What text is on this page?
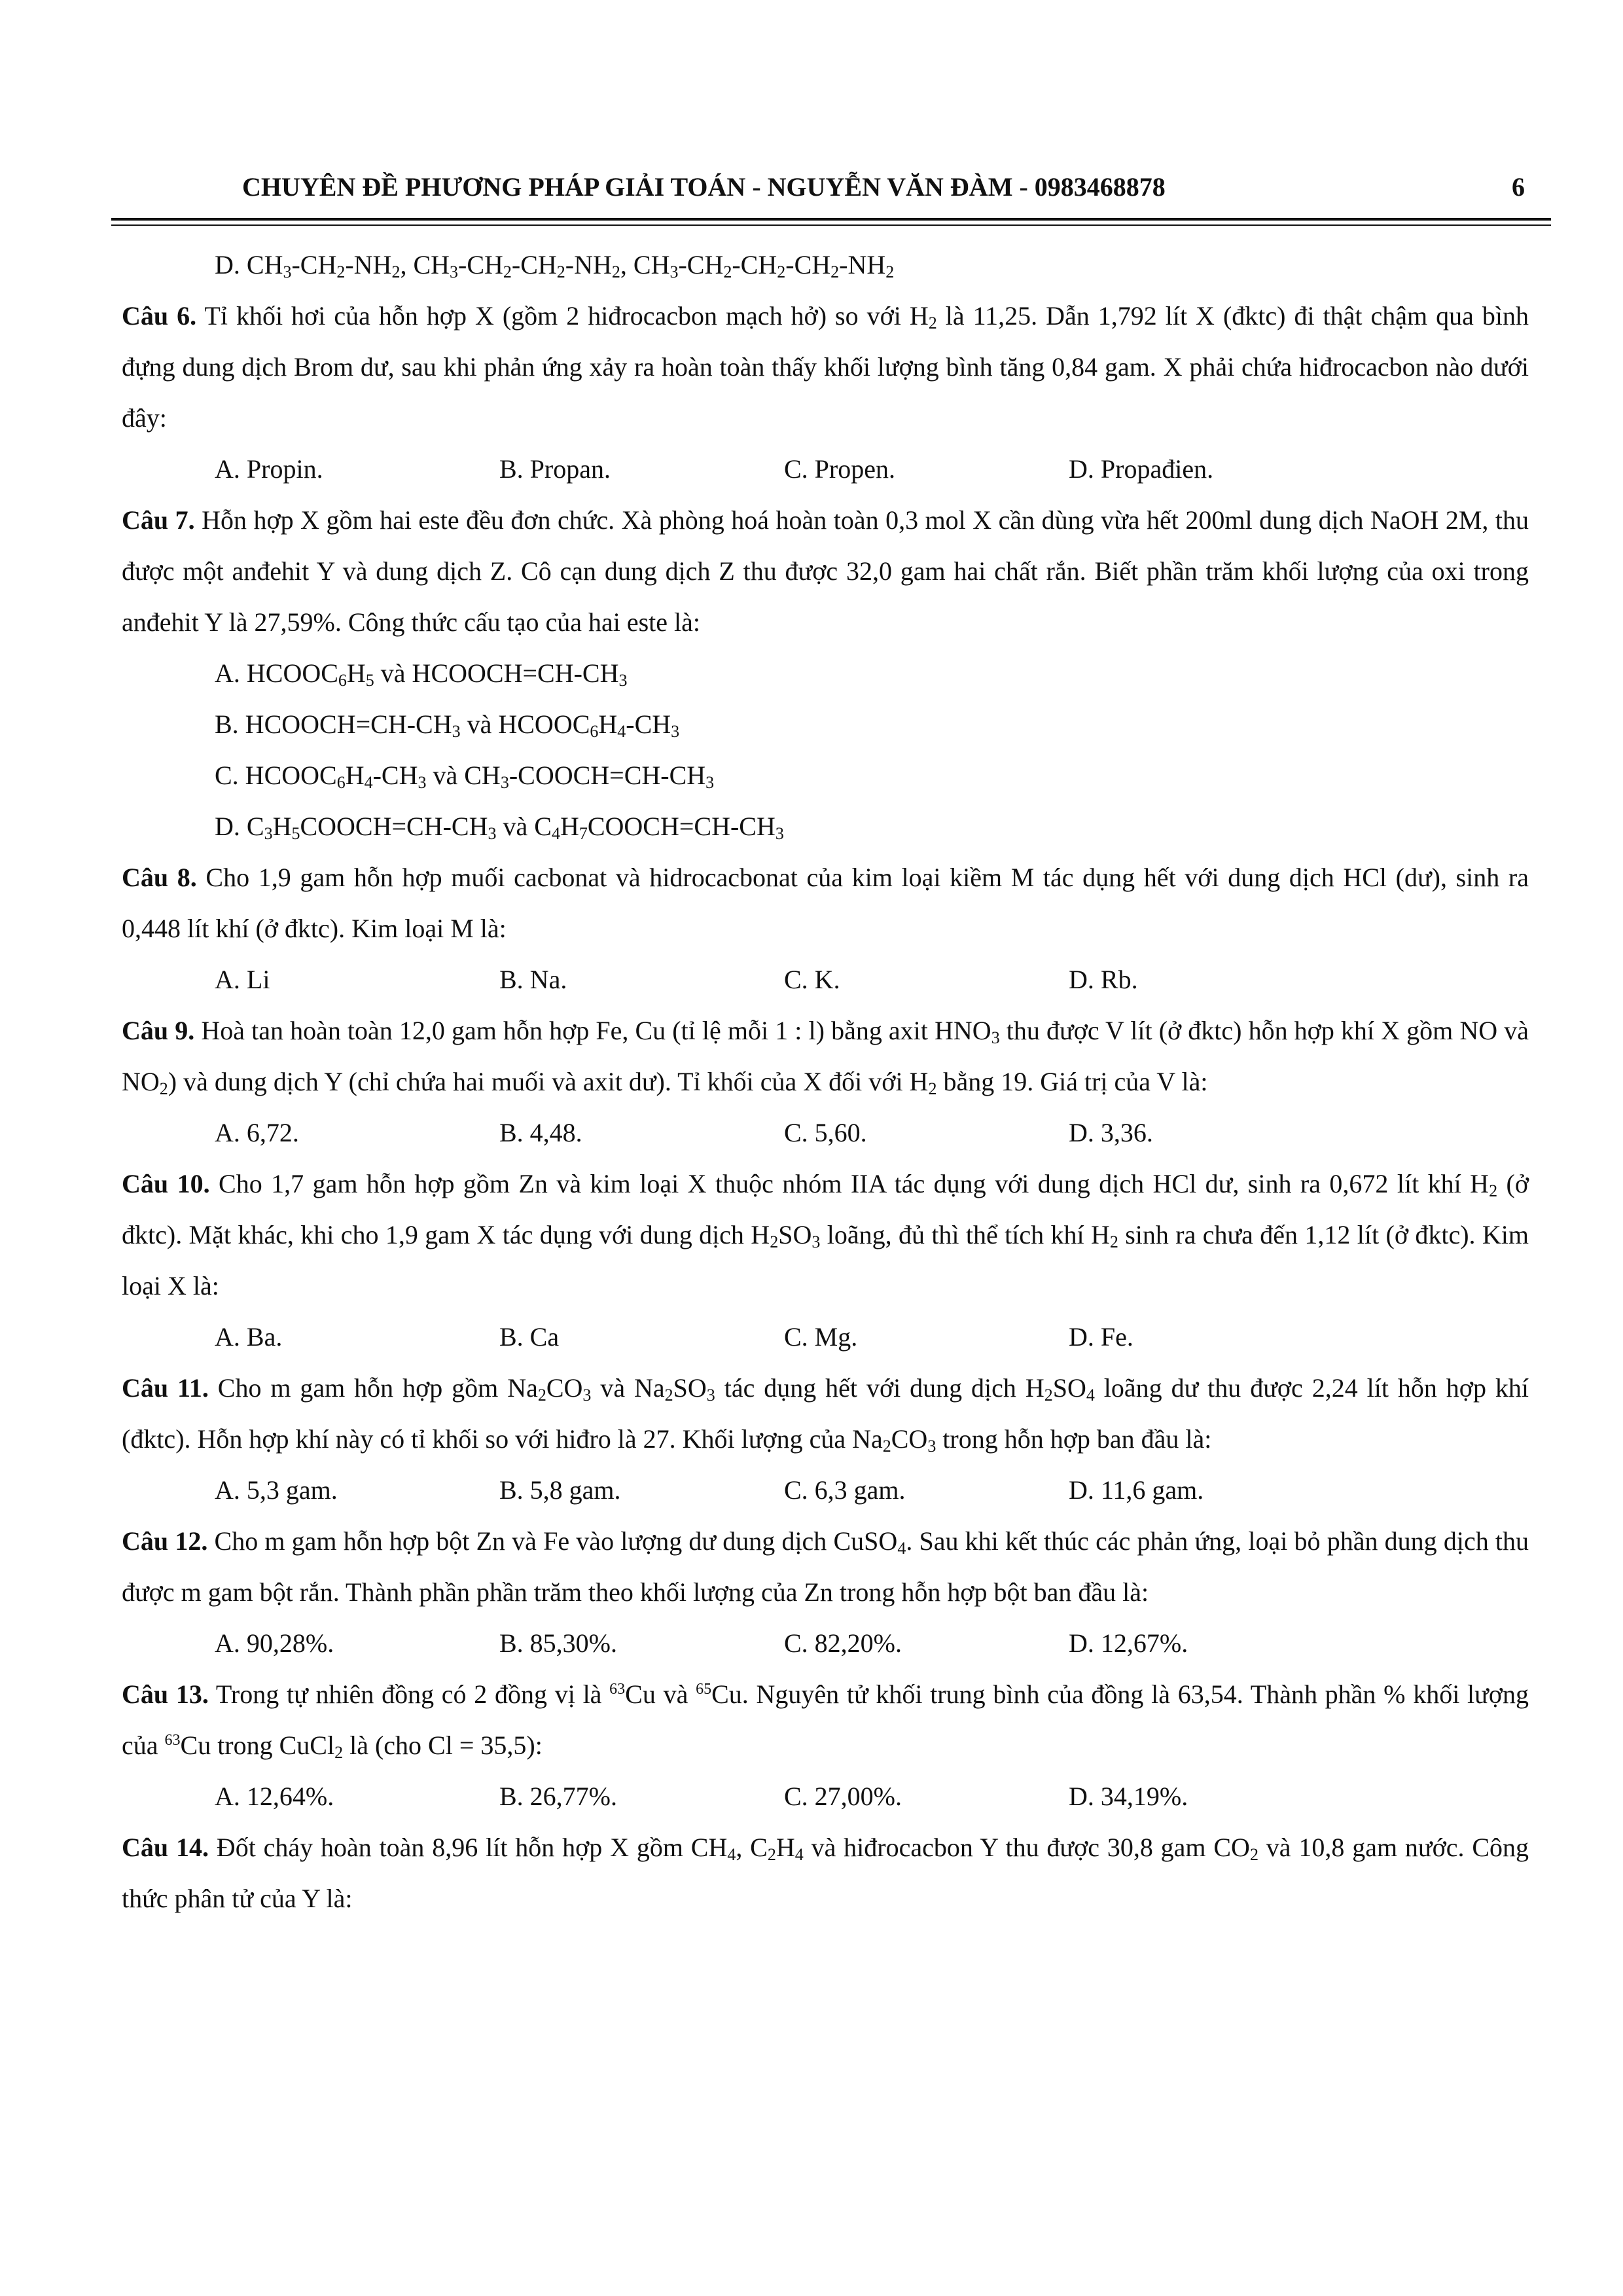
CHUYÊN ĐỀ PHƯƠNG PHÁP GIẢI TOÁN - NGUYỄN VĂN ĐÀM - 0983468878	6

D. $CH_3-CH_2-NH_2$, $CH_3-CH_2-CH_2-NH_2$, $CH_3-CH_2-CH_2-CH_2-NH_2$

Câu 6. Tỉ khối hơi của hỗn hợp X (gồm 2 hiđrocacbon mạch hở) so với $H_2$ là 11,25. Dẫn 1,792 lít X (đktc) đi thật chậm qua bình đựng dung dịch Brom dư, sau khi phản ứng xảy ra hoàn toàn thấy khối lượng bình tăng 0,84 gam. X phải chứa hiđrocacbon nào dưới đây:

A. Propin.	B. Propan.	C. Propen.	D. Propađien.

Câu 7. Hỗn hợp X gồm hai este đều đơn chức. Xà phòng hoá hoàn toàn 0,3 mol X cần dùng vừa hết 200ml dung dịch NaOH 2M, thu được một anđehit Y và dung dịch Z. Cô cạn dung dịch Z thu được 32,0 gam hai chất rắn. Biết phần trăm khối lượng của oxi trong anđehit Y là 27,59%. Công thức cấu tạo của hai este là:

A. $HCOOC_6H_5$ và $HCOOCH=CH-CH_3$

B. $HCOOCH=CH-CH_3$ và $HCOOC_6H_4-CH_3$

C. $HCOOC_6H_4-CH_3$ và $CH_3-COOCH=CH-CH_3$

D. $C_3H_5COOCH=CH-CH_3$ và $C_4H_7COOCH=CH-CH_3$

Câu 8. Cho 1,9 gam hỗn hợp muối cacbonat và hidrocacbonat của kim loại kiềm M tác dụng hết với dung dịch HCl (dư), sinh ra 0,448 lít khí (ở đktc). Kim loại M là:

A. Li	B. Na.	C. K.	D. Rb.

Câu 9. Hoà tan hoàn toàn 12,0 gam hỗn hợp Fe, Cu (tỉ lệ mỗi 1 : l) bằng axit $HNO_3$ thu được V lít (ở đktc) hỗn hợp khí X gồm NO và $NO_2$) và dung dịch Y (chỉ chứa hai muối và axit dư). Tỉ khối của X đối với $H_2$ bằng 19. Giá trị của V là:

A. 6,72.	B. 4,48.	C. 5,60.	D. 3,36.

Câu 10. Cho 1,7 gam hỗn hợp gồm Zn và kim loại X thuộc nhóm IIA tác dụng với dung dịch HCl dư, sinh ra 0,672 lít khí $H_2$ (ở đktc). Mặt khác, khi cho 1,9 gam X tác dụng với dung dịch $H_2SO_3$ loãng, đủ thì thể tích khí $H_2$ sinh ra chưa đến 1,12 lít (ở đktc). Kim loại X là:

A. Ba.	B. Ca	C. Mg.	D. Fe.

Câu 11. Cho m gam hỗn hợp gồm $Na_2CO_3$ và $Na_2SO_3$ tác dụng hết với dung dịch $H_2SO_4$ loãng dư thu được 2,24 lít hỗn hợp khí (đktc). Hỗn hợp khí này có tỉ khối so với hiđro là 27. Khối lượng của $Na_2CO_3$ trong hỗn hợp ban đầu là:

A. 5,3 gam.	B. 5,8 gam.	C. 6,3 gam.	D. 11,6 gam.

Câu 12. Cho m gam hỗn hợp bột Zn và Fe vào lượng dư dung dịch CuSO$_4$. Sau khi kết thúc các phản ứng, loại bỏ phần dung dịch thu được m gam bột rắn. Thành phần phần trăm theo khối lượng của Zn trong hỗn hợp bột ban đầu là:

A. 90,28%.	B. 85,30%.	C. 82,20%.	D. 12,67%.

Câu 13. Trong tự nhiên đồng có 2 đồng vị là $^{63}$Cu và $^{65}$Cu. Nguyên tử khối trung bình của đồng là 63,54. Thành phần % khối lượng của $^{63}$Cu trong CuCl$_2$ là (cho Cl = 35,5):

A. 12,64%.	B. 26,77%.	C. 27,00%.	D. 34,19%.

Câu 14. Đốt cháy hoàn toàn 8,96 lít hỗn hợp X gồm $CH_4$, $C_2H_4$ và hiđrocacbon Y thu được 30,8 gam $CO_2$ và 10,8 gam nước. Công thức phân tử của Y là:
